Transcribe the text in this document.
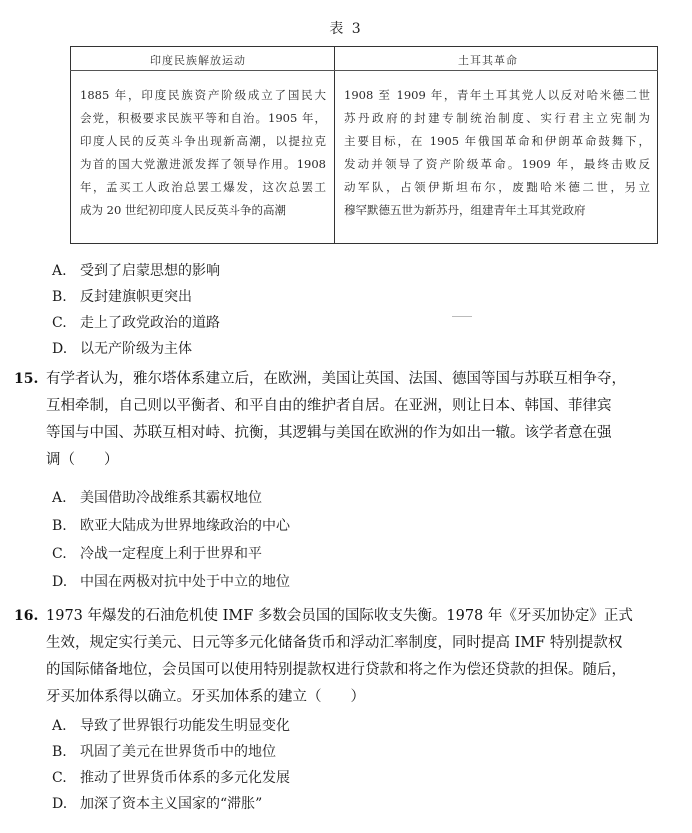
表 3
印度民族解放运动	土耳其革命
1885 年，印度民族资产阶级成立了国民大
会党，积极要求民族平等和自治。1905 年，
印度人民的反英斗争出现新高潮，以提拉克
为首的国大党激进派发挥了领导作用。1908
年，孟买工人政治总罢工爆发，这次总罢工
成为 20 世纪初印度人民反英斗争的高潮
1908 至 1909 年，青年土耳其党人以反对哈米德二世
苏丹政府的封建专制统治制度、实行君主立宪制为
主要目标，在 1905 年俄国革命和伊朗革命鼓舞下，
发动并领导了资产阶级革命。1909 年，最终击败反
动军队，占领伊斯坦布尔，废黜哈米德二世，另立
穆罕默德五世为新苏丹，组建青年土耳其党政府
A. 受到了启蒙思想的影响
B. 反封建旗帜更突出
C. 走上了政党政治的道路
D. 以无产阶级为主体
15. 有学者认为，雅尔塔体系建立后，在欧洲，美国让英国、法国、德国等国与苏联互相争夺，
互相牵制，自己则以平衡者、和平自由的维护者自居。在亚洲，则让日本、韩国、菲律宾
等国与中国、苏联互相对峙、抗衡，其逻辑与美国在欧洲的作为如出一辙。该学者意在强
调（　　）
A. 美国借助冷战维系其霸权地位
B. 欧亚大陆成为世界地缘政治的中心
C. 冷战一定程度上利于世界和平
D. 中国在两极对抗中处于中立的地位
16. 1973 年爆发的石油危机使 IMF 多数会员国的国际收支失衡。1978 年《牙买加协定》正式
生效，规定实行美元、日元等多元化储备货币和浮动汇率制度，同时提高 IMF 特别提款权
的国际储备地位，会员国可以使用特别提款权进行贷款和将之作为偿还贷款的担保。随后，
牙买加体系得以确立。牙买加体系的建立（　　）
A. 导致了世界银行功能发生明显变化
B. 巩固了美元在世界货币中的地位
C. 推动了世界货币体系的多元化发展
D. 加深了资本主义国家的“滞胀”
